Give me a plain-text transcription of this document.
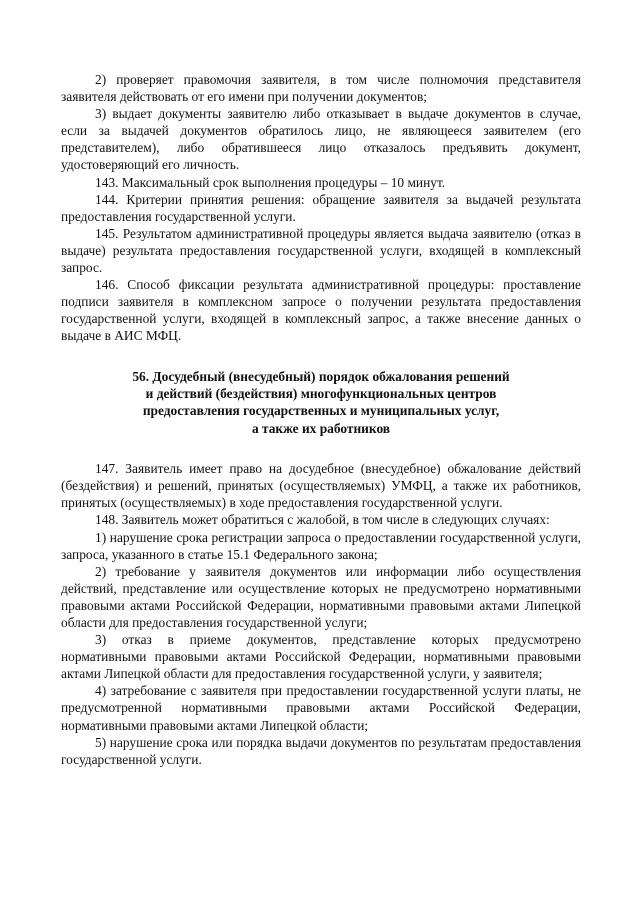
2) проверяет правомочия заявителя, в том числе полномочия представителя заявителя действовать от его имени при получении документов;

3) выдает документы заявителю либо отказывает в выдаче документов в случае, если за выдачей документов обратилось лицо, не являющееся заявителем (его представителем), либо обратившееся лицо отказалось предъявить документ, удостоверяющий его личность.

143. Максимальный срок выполнения процедуры – 10 минут.

144. Критерии принятия решения: обращение заявителя за выдачей результата предоставления государственной услуги.

145. Результатом административной процедуры является выдача заявителю (отказ в выдаче) результата предоставления государственной услуги, входящей в комплексный запрос.

146. Способ фиксации результата административной процедуры: проставление подписи заявителя в комплексном запросе о получении результата предоставления государственной услуги, входящей в комплексный запрос, а также внесение данных о выдаче в АИС МФЦ.

56. Досудебный (внесудебный) порядок обжалования решений
и действий (бездействия) многофункциональных центров
предоставления государственных и муниципальных услуг,
а также их работников

147. Заявитель имеет право на досудебное (внесудебное) обжалование действий (бездействия) и решений, принятых (осуществляемых) УМФЦ, а также их работников, принятых (осуществляемых) в ходе предоставления государственной услуги.

148. Заявитель может обратиться с жалобой, в том числе в следующих случаях:

1) нарушение срока регистрации запроса о предоставлении государственной услуги, запроса, указанного в статье 15.1 Федерального закона;

2) требование у заявителя документов или информации либо осуществления действий, представление или осуществление которых не предусмотрено нормативными правовыми актами Российской Федерации, нормативными правовыми актами Липецкой области для предоставления государственной услуги;

3) отказ в приеме документов, представление которых предусмотрено нормативными правовыми актами Российской Федерации, нормативными правовыми актами Липецкой области для предоставления государственной услуги, у заявителя;

4) затребование с заявителя при предоставлении государственной услуги платы, не предусмотренной нормативными правовыми актами Российской Федерации, нормативными правовыми актами Липецкой области;

5) нарушение срока или порядка выдачи документов по результатам предоставления государственной услуги.
